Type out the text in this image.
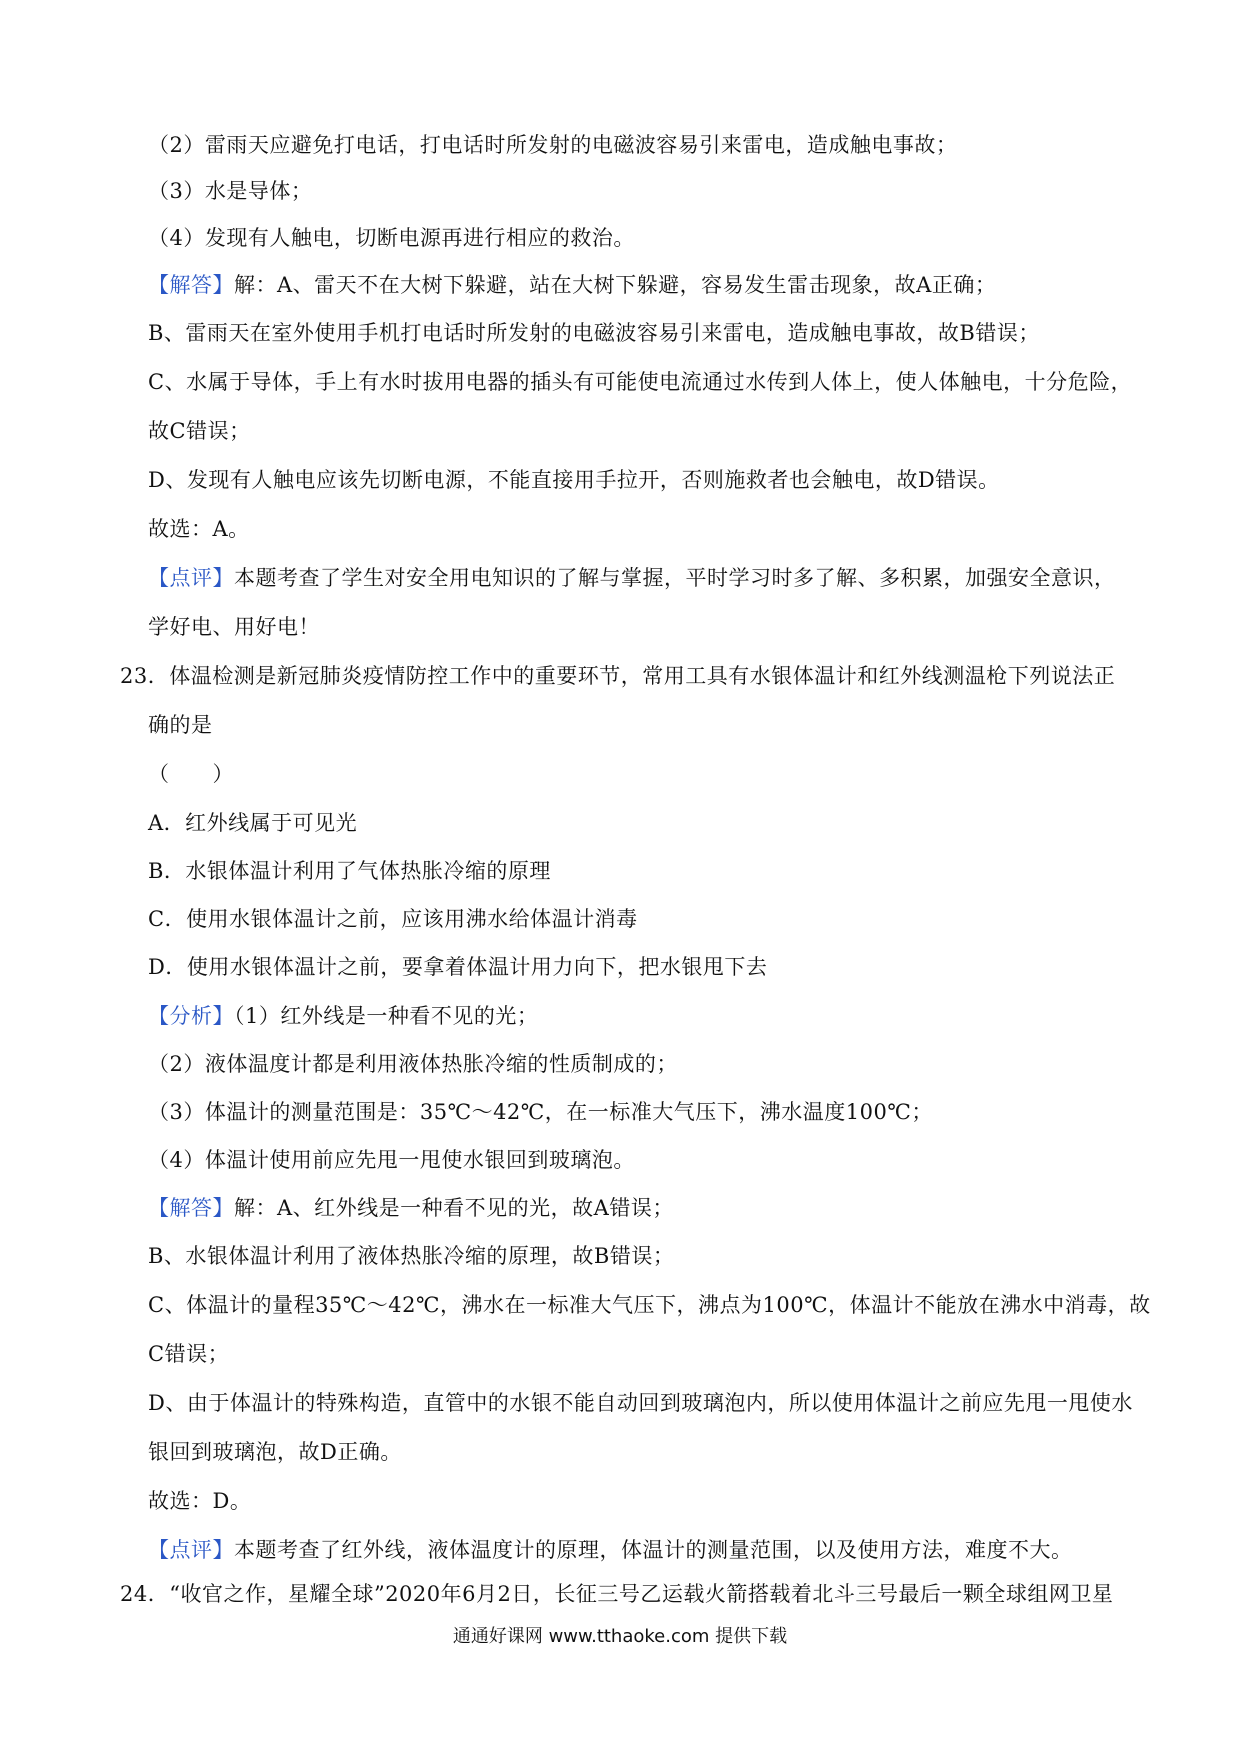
（2）雷雨天应避免打电话，打电话时所发射的电磁波容易引来雷电，造成触电事故；
（3）水是导体；
（4）发现有人触电，切断电源再进行相应的救治。
【解答】解：A、雷天不在大树下躲避，站在大树下躲避，容易发生雷击现象，故A正确；
B、雷雨天在室外使用手机打电话时所发射的电磁波容易引来雷电，造成触电事故，故B错误；
C、水属于导体，手上有水时拔用电器的插头有可能使电流通过水传到人体上，使人体触电，十分危险，
故C错误；
D、发现有人触电应该先切断电源，不能直接用手拉开，否则施救者也会触电，故D错误。
故选：A。
【点评】本题考查了学生对安全用电知识的了解与掌握，平时学习时多了解、多积累，加强安全意识，
学好电、用好电！
23．体温检测是新冠肺炎疫情防控工作中的重要环节，常用工具有水银体温计和红外线测温枪下列说法正
确的是
（　　）
A．红外线属于可见光
B．水银体温计利用了气体热胀冷缩的原理
C．使用水银体温计之前，应该用沸水给体温计消毒
D．使用水银体温计之前，要拿着体温计用力向下，把水银甩下去
【分析】（1）红外线是一种看不见的光；
（2）液体温度计都是利用液体热胀冷缩的性质制成的；
（3）体温计的测量范围是：35℃～42℃，在一标准大气压下，沸水温度100℃；
（4）体温计使用前应先甩一甩使水银回到玻璃泡。
【解答】解：A、红外线是一种看不见的光，故A错误；
B、水银体温计利用了液体热胀冷缩的原理，故B错误；
C、体温计的量程35℃～42℃，沸水在一标准大气压下，沸点为100℃，体温计不能放在沸水中消毒，故
C错误；
D、由于体温计的特殊构造，直管中的水银不能自动回到玻璃泡内，所以使用体温计之前应先甩一甩使水
银回到玻璃泡，故D正确。
故选：D。
【点评】本题考查了红外线，液体温度计的原理，体温计的测量范围，以及使用方法，难度不大。
24．“收官之作，星耀全球”2020年6月2日，长征三号乙运载火箭搭载着北斗三号最后一颗全球组网卫星
通通好课网 www.tthaoke.com 提供下载
